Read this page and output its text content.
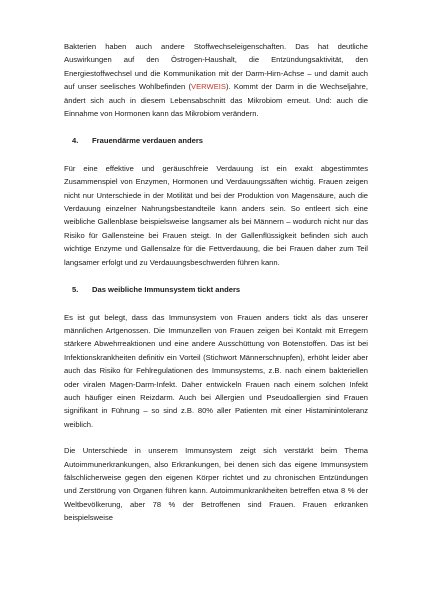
Bakterien haben auch andere Stoffwechseleigenschaften. Das hat deutliche Auswirkungen auf den Östrogen-Haushalt, die Entzündungsaktivität, den Energiestoffwechsel und die Kommunikation mit der Darm-Hirn-Achse – und damit auch auf unser seelisches Wohlbefinden (VERWEIS). Kommt der Darm in die Wechseljahre, ändert sich auch in diesem Lebensabschnitt das Mikrobiom erneut. Und: auch die Einnahme von Hormonen kann das Mikrobiom verändern.

4.	Frauendärme verdauen anders

Für eine effektive und geräuschfreie Verdauung ist ein exakt abgestimmtes Zusammenspiel von Enzymen, Hormonen und Verdauungssäften wichtig. Frauen zeigen nicht nur Unterschiede in der Motilität und bei der Produktion von Magensäure, auch die Verdauung einzelner Nahrungsbestandteile kann anders sein. So entleert sich eine weibliche Gallenblase beispielsweise langsamer als bei Männern – wodurch nicht nur das Risiko für Gallensteine bei Frauen steigt. In der Gallenflüssigkeit befinden sich auch wichtige Enzyme und Gallensalze für die Fettverdauung, die bei Frauen daher zum Teil langsamer erfolgt und zu Verdauungsbeschwerden führen kann.

5.	Das weibliche Immunsystem tickt anders

Es ist gut belegt, dass das Immunsystem von Frauen anders tickt als das unserer männlichen Artgenossen. Die Immunzellen von Frauen zeigen bei Kontakt mit Erregern stärkere Abwehrreaktionen und eine andere Ausschüttung von Botenstoffen. Das ist bei Infektionskrankheiten definitiv ein Vorteil (Stichwort Männerschnupfen), erhöht leider aber auch das Risiko für Fehlregulationen des Immunsystems, z.B. nach einem bakteriellen oder viralen Magen-Darm-Infekt. Daher entwickeln Frauen nach einem solchen Infekt auch häufiger einen Reizdarm. Auch bei Allergien und Pseudoallergien sind Frauen signifikant in Führung – so sind z.B. 80% aller Patienten mit einer Histaminintoleranz weiblich.

Die Unterschiede in unserem Immunsystem zeigt sich verstärkt beim Thema Autoimmunerkrankungen, also Erkrankungen, bei denen sich das eigene Immunsystem fälschlicherweise gegen den eigenen Körper richtet und zu chronischen Entzündungen und Zerstörung von Organen führen kann. Autoimmunkrankheiten betreffen etwa 8 % der Weltbevölkerung, aber 78 % der Betroffenen sind Frauen. Frauen erkranken beispielsweise
